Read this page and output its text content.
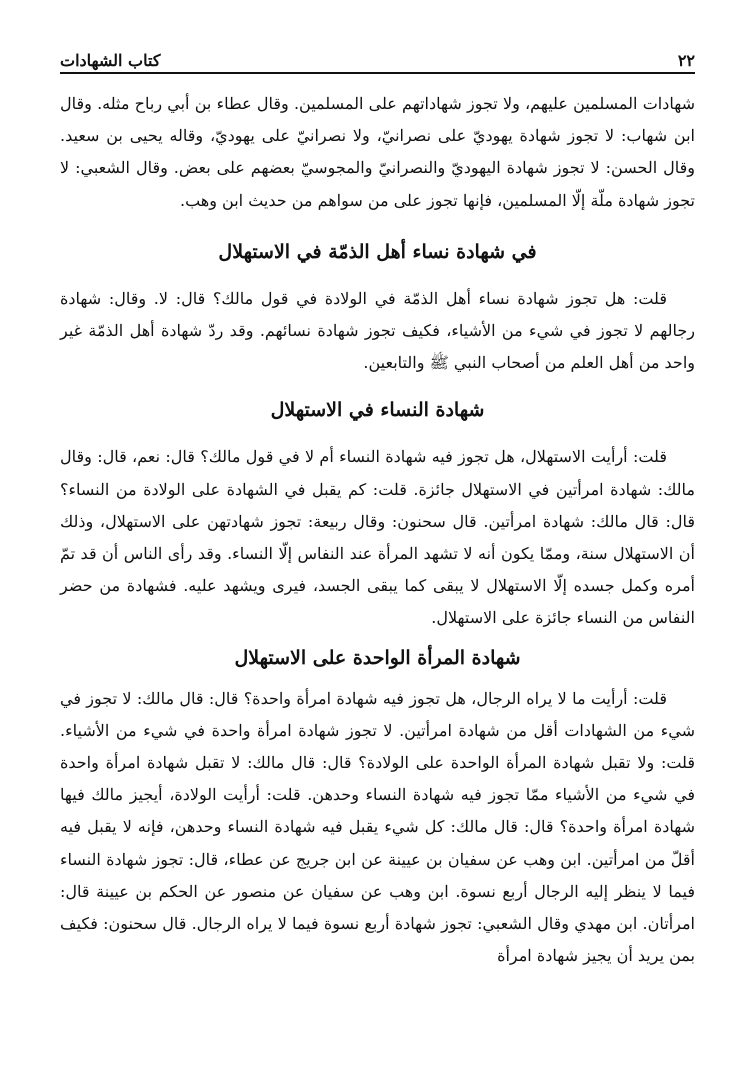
٢٢
كتاب الشهادات

شهادات المسلمين عليهم، ولا تجوز شهاداتهم على المسلمين. وقال عطاء بن أبي رباح مثله. وقال ابن شهاب: لا تجوز شهادة يهوديّ على نصرانيّ، ولا نصرانيّ على يهوديّ، وقاله يحيى بن سعيد. وقال الحسن: لا تجوز شهادة اليهوديّ والنصرانيّ والمجوسيّ بعضهم على بعض. وقال الشعبي: لا تجوز شهادة ملّة إلّا المسلمين، فإنها تجوز على من سواهم من حديث ابن وهب.

في شهادة نساء أهل الذمّة في الاستهلال

قلت: هل تجوز شهادة نساء أهل الذمّة في الولادة في قول مالك؟ قال: لا. وقال: شهادة رجالهم لا تجوز في شيء من الأشياء، فكيف تجوز شهادة نسائهم. وقد ردّ شهادة أهل الذمّة غير واحد من أهل العلم من أصحاب النبي ﷺ والتابعين.

شهادة النساء في الاستهلال

قلت: أرأيت الاستهلال، هل تجوز فيه شهادة النساء أم لا في قول مالك؟ قال: نعم، قال: وقال مالك: شهادة امرأتين في الاستهلال جائزة. قلت: كم يقبل في الشهادة على الولادة من النساء؟ قال: قال مالك: شهادة امرأتين. قال سحنون: وقال ربيعة: تجوز شهادتهن على الاستهلال، وذلك أن الاستهلال سنة، وممّا يكون أنه لا تشهد المرأة عند النفاس إلّا النساء. وقد رأى الناس أن قد تمّ أمره وكمل جسده إلّا الاستهلال لا يبقى كما يبقى الجسد، فيرى ويشهد عليه. فشهادة من حضر النفاس من النساء جائزة على الاستهلال.

شهادة المرأة الواحدة على الاستهلال

قلت: أرأيت ما لا يراه الرجال، هل تجوز فيه شهادة امرأة واحدة؟ قال: قال مالك: لا تجوز في شيء من الشهادات أقل من شهادة امرأتين. لا تجوز شهادة امرأة واحدة في شيء من الأشياء. قلت: ولا تقبل شهادة المرأة الواحدة على الولادة؟ قال: قال مالك: لا تقبل شهادة امرأة واحدة في شيء من الأشياء ممّا تجوز فيه شهادة النساء وحدهن. قلت: أرأيت الولادة، أيجيز مالك فيها شهادة امرأة واحدة؟ قال: قال مالك: كل شيء يقبل فيه شهادة النساء وحدهن، فإنه لا يقبل فيه أقلّ من امرأتين. ابن وهب عن سفيان بن عيينة عن ابن جريج عن عطاء، قال: تجوز شهادة النساء فيما لا ينظر إليه الرجال أربع نسوة. ابن وهب عن سفيان عن منصور عن الحكم بن عيينة قال: امرأتان. ابن مهدي وقال الشعبي: تجوز شهادة أربع نسوة فيما لا يراه الرجال. قال سحنون: فكيف بمن يريد أن يجيز شهادة امرأة
